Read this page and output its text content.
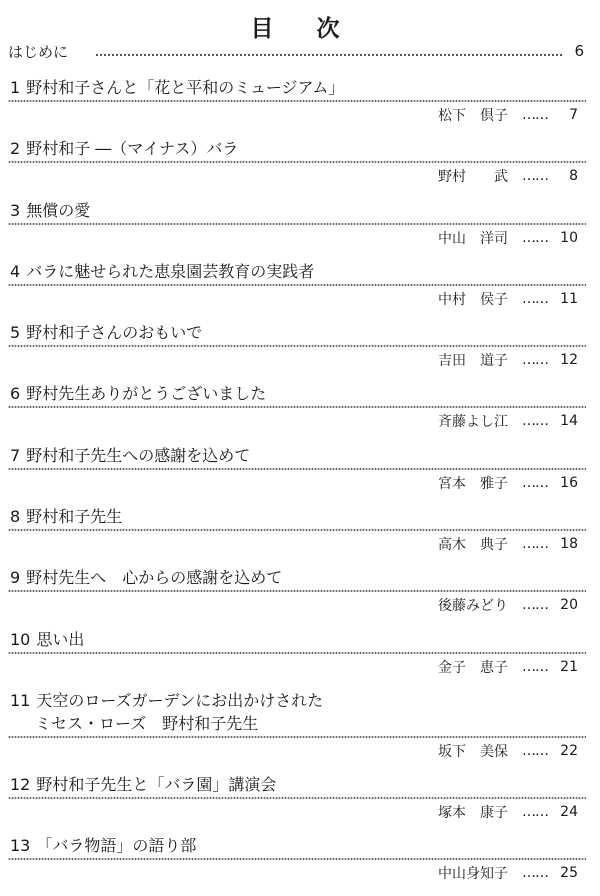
目　次
はじめに	6
1 野村和子さんと「花と平和のミュージアム」
松下　倶子 ……	7
2 野村和子 ―（マイナス）バラ
野村　　武 ……	8
3 無償の愛
中山　洋司 …… 10
4 バラに魅せられた恵泉園芸教育の実践者
中村　侯子 …… 11
5 野村和子さんのおもいで
吉田　道子 …… 12
6 野村先生ありがとうございました
斉藤よし江 …… 14
7 野村和子先生への感謝を込めて
宮本　雅子 …… 16
8 野村和子先生
高木　典子 …… 18
9 野村先生へ　心からの感謝を込めて
後藤みどり …… 20
10 思い出
金子　恵子 …… 21
11 天空のローズガーデンにお出かけされた
ミセス・ローズ　野村和子先生
坂下　美保 …… 22
12 野村和子先生と「バラ園」講演会
塚本　康子 …… 24
13 「バラ物語」の語り部
中山身知子 …… 25
